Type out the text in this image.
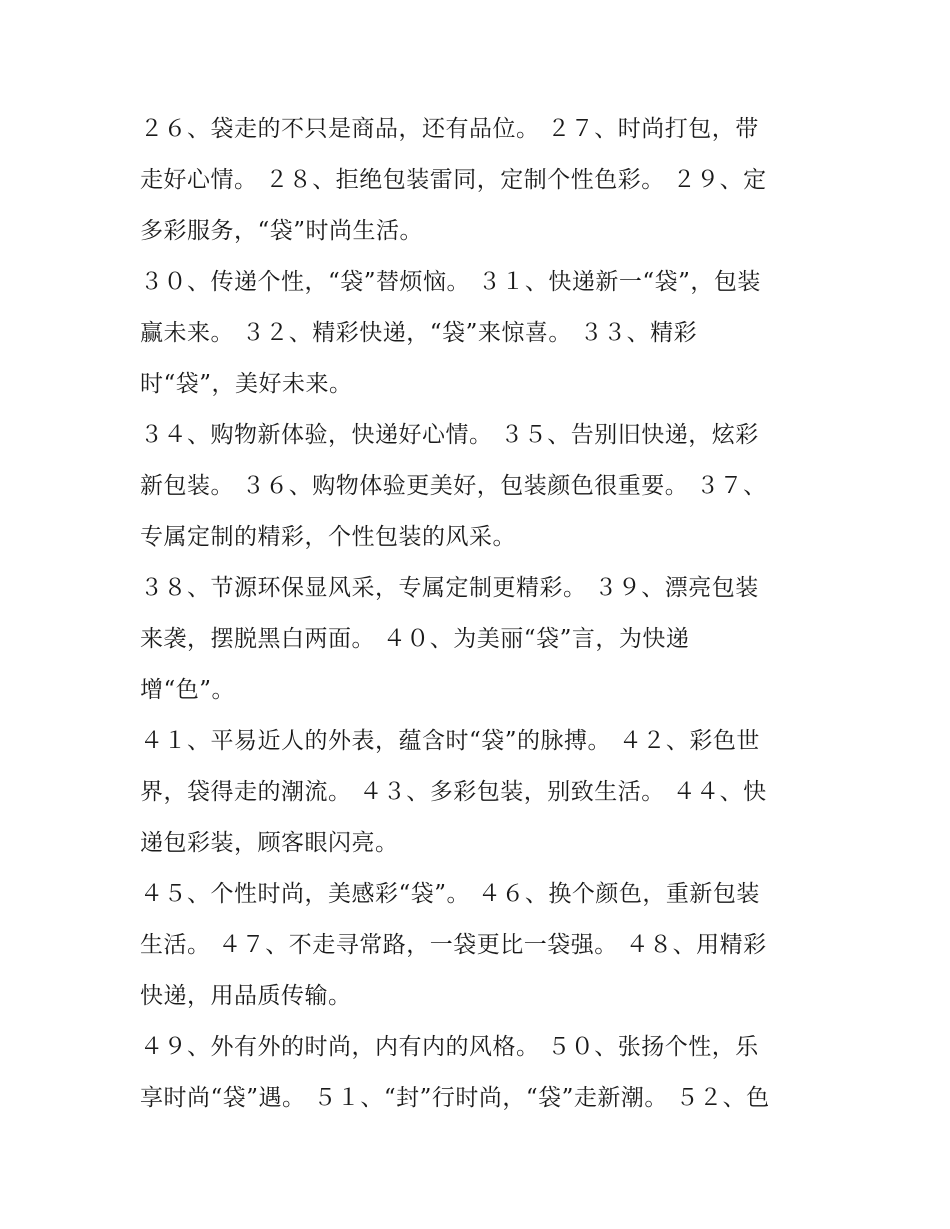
２６、袋走的不只是商品，还有品位。 ２７、时尚打包，带
走好心情。 ２８、拒绝包装雷同，定制个性色彩。 ２９、定
多彩服务，“袋”时尚生活。
３０、传递个性，“袋”替烦恼。 ３１、快递新一“袋”，包装
赢未来。 ３２、精彩快递，“袋”来惊喜。 ３３、精彩
时“袋”，美好未来。
３４、购物新体验，快递好心情。 ３５、告别旧快递，炫彩
新包装。 ３６、购物体验更美好，包装颜色很重要。 ３７、
专属定制的精彩，个性包装的风采。
３８、节源环保显风采，专属定制更精彩。 ３９、漂亮包装
来袭，摆脱黑白两面。 ４０、为美丽“袋”言，为快递
增“色”。
４１、平易近人的外表，蕴含时“袋”的脉搏。 ４２、彩色世
界，袋得走的潮流。 ４３、多彩包装，别致生活。 ４４、快
递包彩装，顾客眼闪亮。
４５、个性时尚，美感彩“袋”。 ４６、换个颜色，重新包装
生活。 ４７、不走寻常路，一袋更比一袋强。 ４８、用精彩
快递，用品质传输。
４９、外有外的时尚，内有内的风格。 ５０、张扬个性，乐
享时尚“袋”遇。 ５１、“封”行时尚，“袋”走新潮。 ５２、色
